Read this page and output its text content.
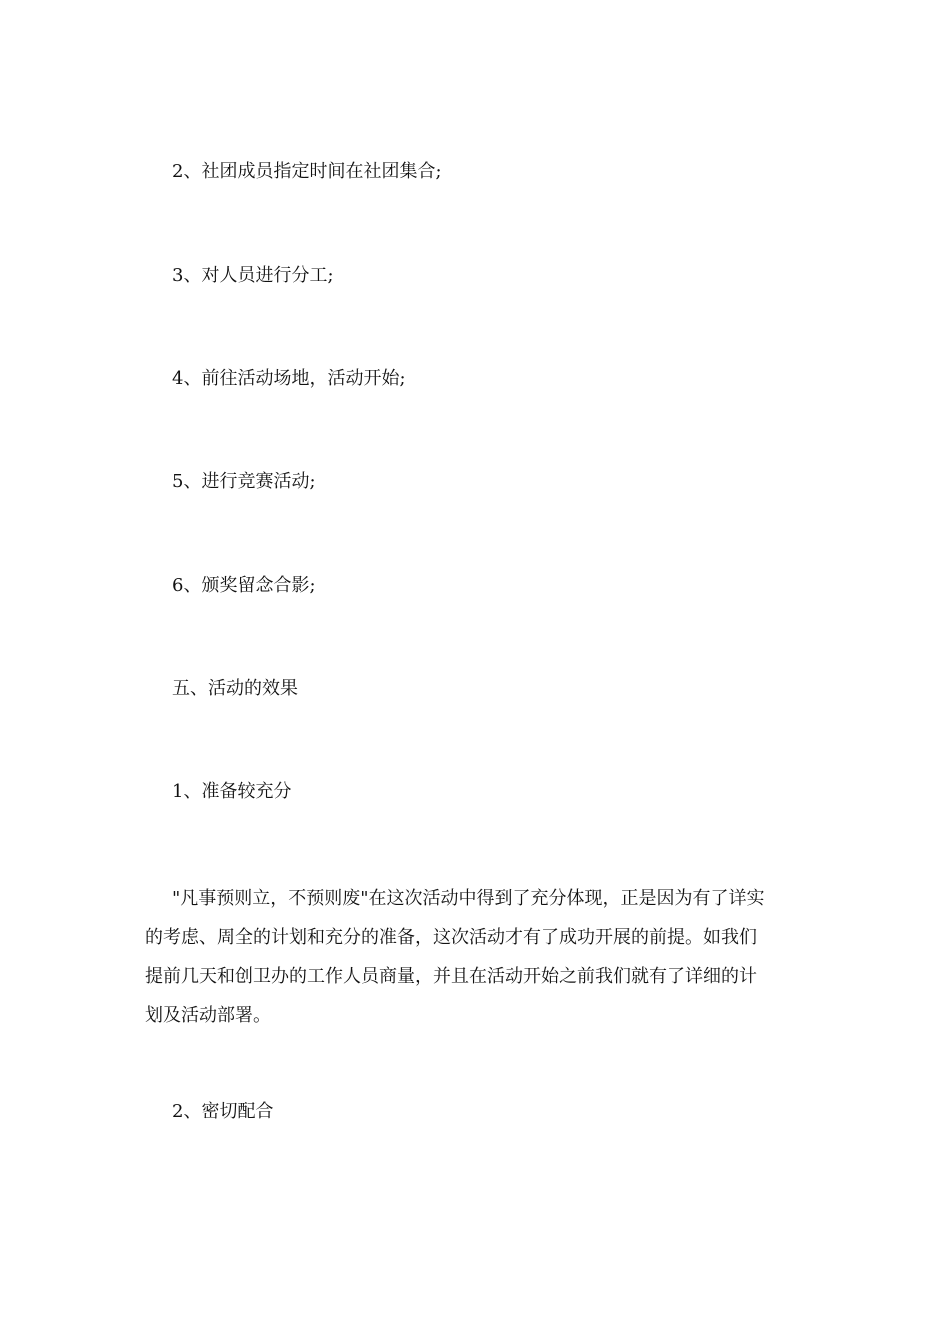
2、社团成员指定时间在社团集合;
3、对人员进行分工;
4、前往活动场地，活动开始;
5、进行竞赛活动;
6、颁奖留念合影;
五、活动的效果
1、准备较充分
"凡事预则立，不预则废"在这次活动中得到了充分体现，正是因为有了详实
的考虑、周全的计划和充分的准备，这次活动才有了成功开展的前提。如我们
提前几天和创卫办的工作人员商量，并且在活动开始之前我们就有了详细的计
划及活动部署。
2、密切配合
